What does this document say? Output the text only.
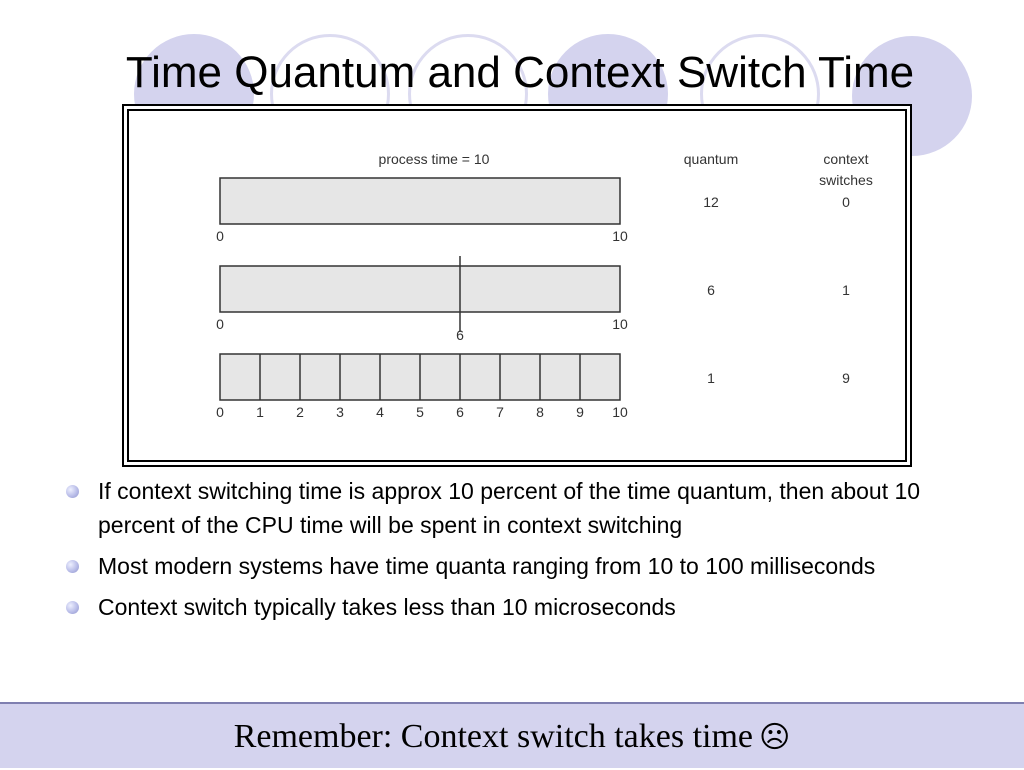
Time Quantum and Context Switch Time
process time = 10	quantum	context
switches
0	10
12	0
0
6
10
6	1
0 1 2 3 4 5 6 7 8 9 10
1	9
If context switching time is approx 10 percent of the time quantum, then about 10 percent of the CPU time will be spent in context switching
Most modern systems have time quanta ranging from 10 to 100 milliseconds
Context switch typically takes less than 10 microseconds
Remember: Context switch takes time ☹
